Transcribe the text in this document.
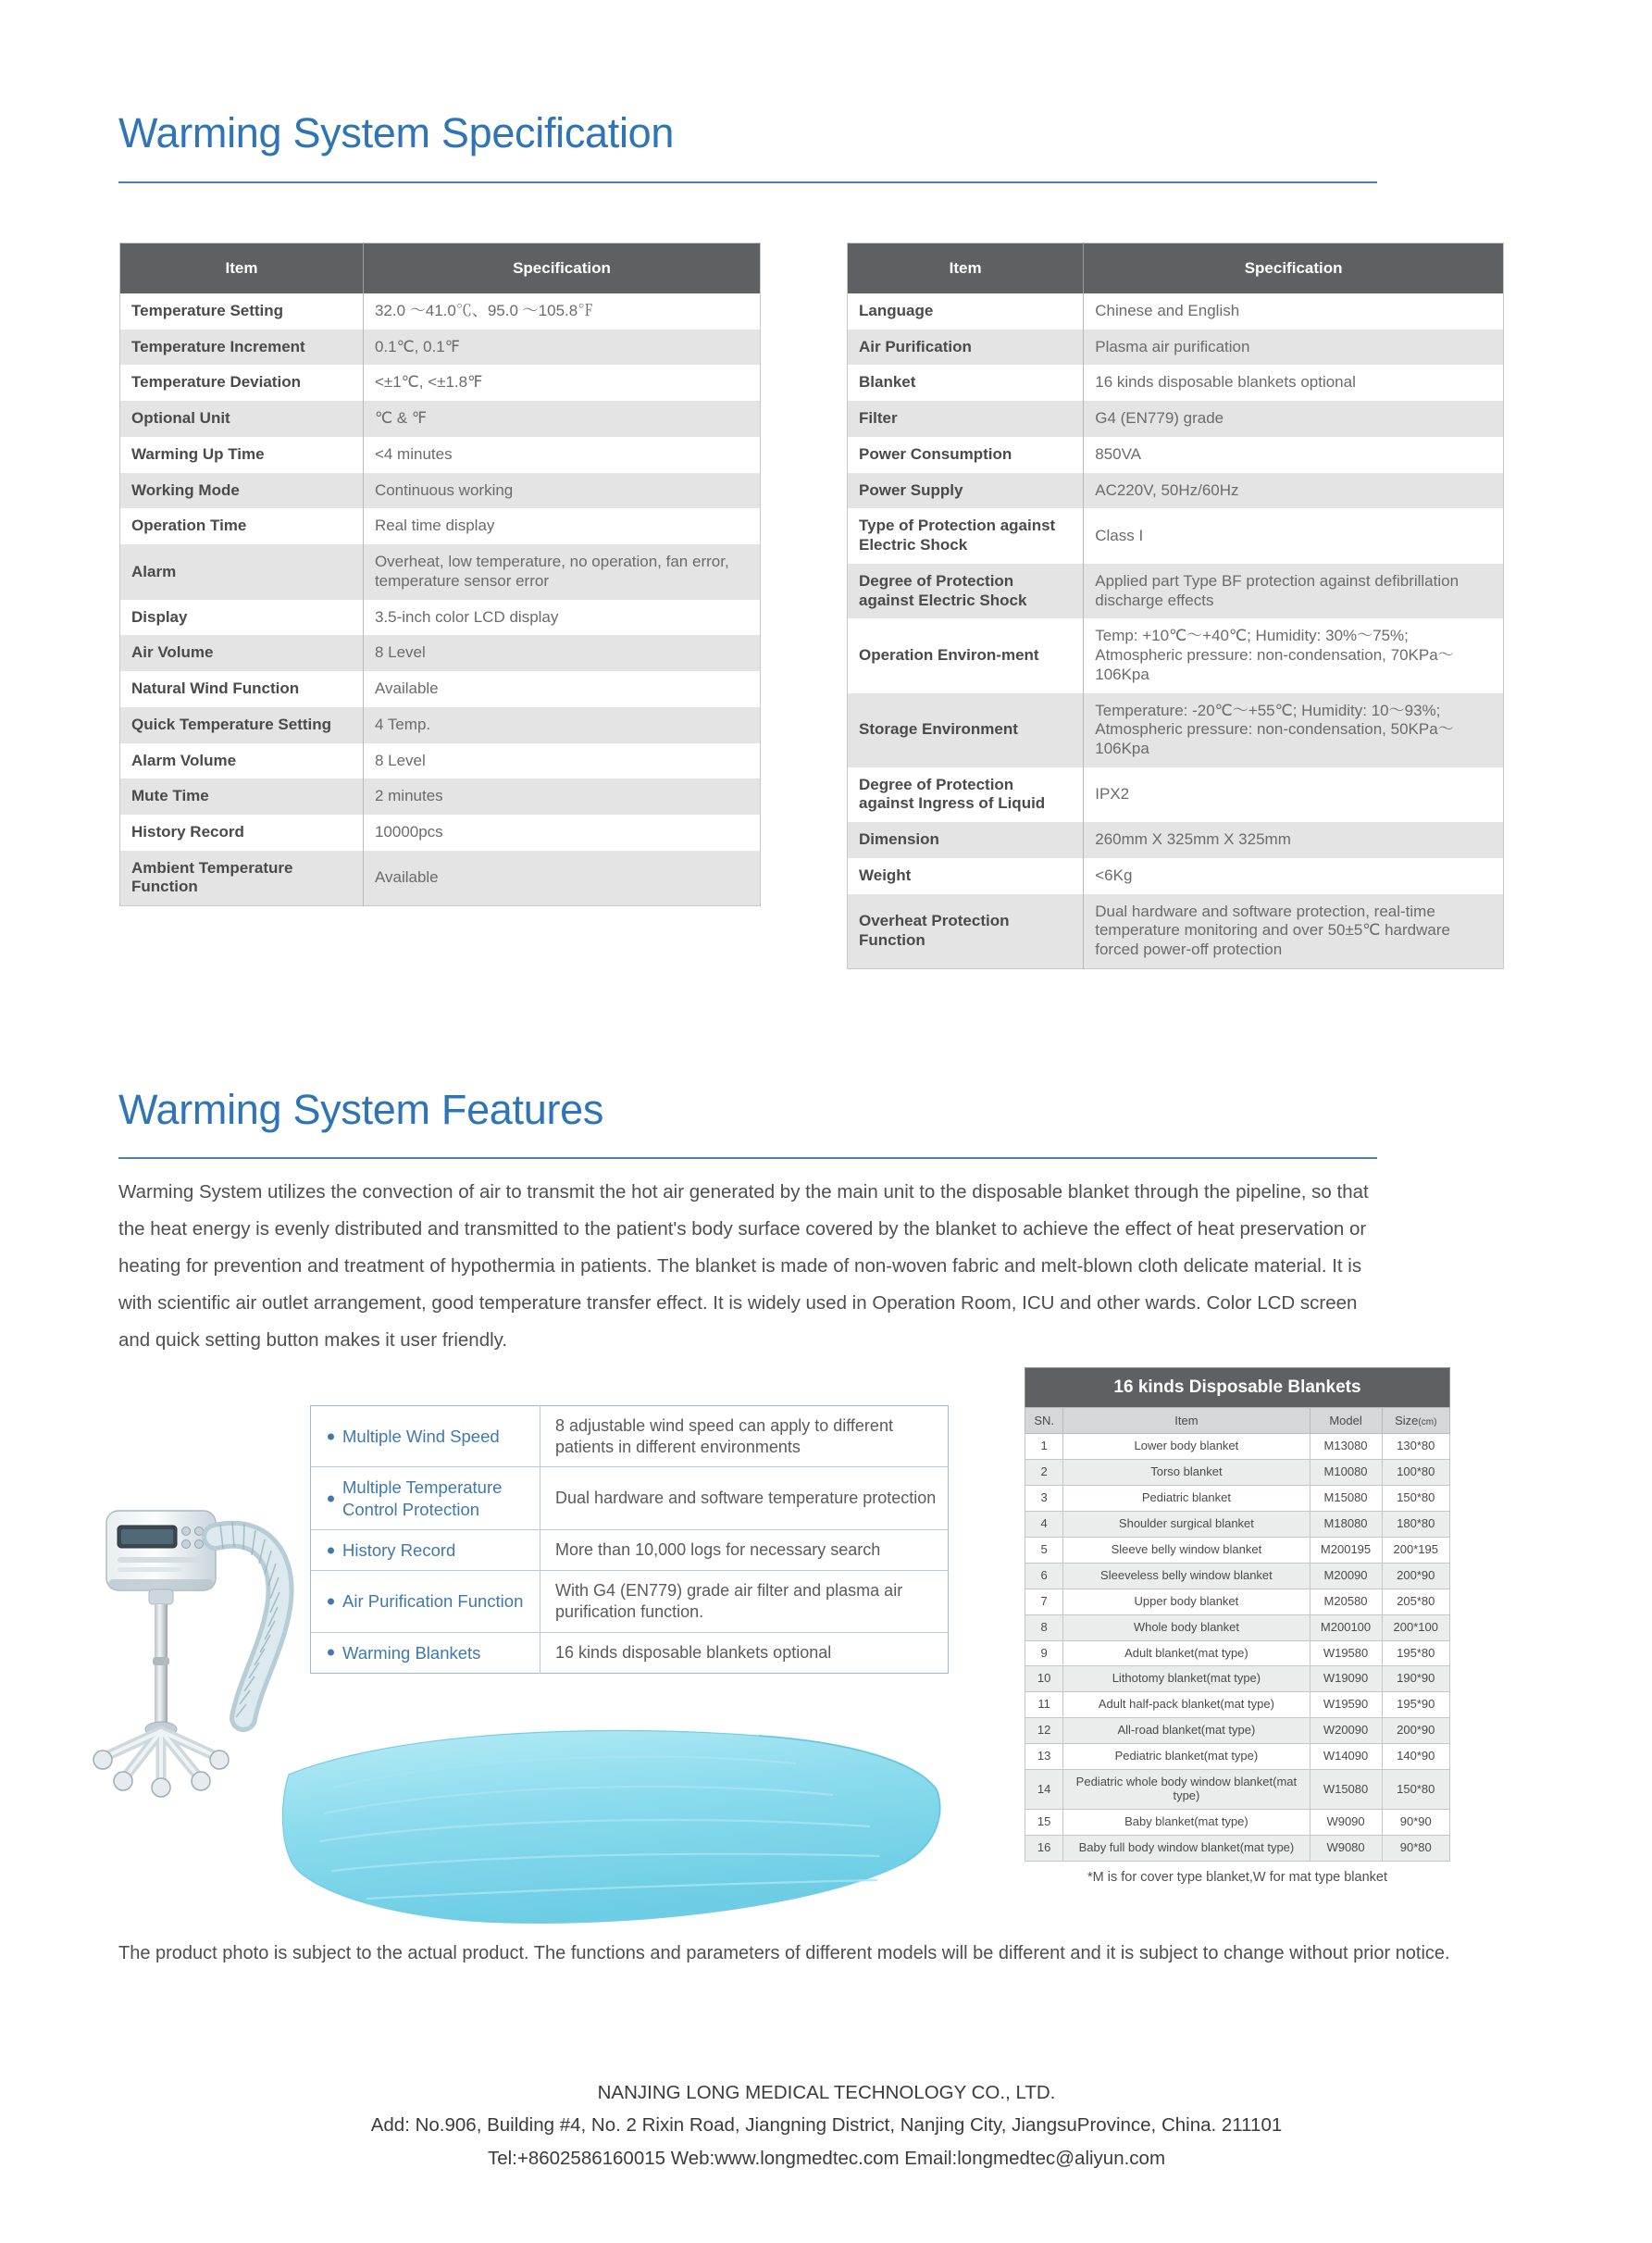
Warming System Specification
Item	Specification
Temperature Setting	32.0 ～41.0℃、95.0 ～105.8℉
Temperature Increment	0.1℃, 0.1℉
Temperature Deviation	<±1℃, <±1.8℉
Optional Unit	℃ & ℉
Warming Up Time	<4 minutes
Working Mode	Continuous working
Operation Time	Real time display
Alarm	Overheat, low temperature, no operation, fan error, temperature sensor error
Display	3.5-inch color LCD display
Air Volume	8 Level
Natural Wind Function	Available
Quick Temperature Setting	4 Temp.
Alarm Volume	8 Level
Mute Time	2 minutes
History Record	10000pcs
Ambient Temperature Function	Available
Item	Specification
Language	Chinese and English
Air Purification	Plasma air purification
Blanket	16 kinds disposable blankets optional
Filter	G4 (EN779) grade
Power Consumption	850VA
Power Supply	AC220V, 50Hz/60Hz
Type of Protection against Electric Shock	Class I
Degree of Protection against Electric Shock	Applied part Type BF protection against defibrillation discharge effects
Operation Environ-ment	Temp: +10℃～+40℃; Humidity: 30%～75%; Atmospheric pressure: non-condensation, 70KPa～106Kpa
Storage Environment	Temperature: -20℃～+55℃; Humidity: 10～93%; Atmospheric pressure: non-condensation, 50KPa～106Kpa
Degree of Protection against Ingress of Liquid	IPX2
Dimension	260mm X 325mm X 325mm
Weight	<6Kg
Overheat Protection Function	Dual hardware and software protection, real-time temperature monitoring and over 50±5℃ hardware forced power-off protection
Warming System Features
Warming System utilizes the convection of air to transmit the hot air generated by the main unit to the disposable blanket through the pipeline, so that the heat energy is evenly distributed and transmitted to the patient's body surface covered by the blanket to achieve the effect of heat preservation or heating for prevention and treatment of hypothermia in patients. The blanket is made of non-woven fabric and melt-blown cloth delicate material. It is with scientific air outlet arrangement, good temperature transfer effect. It is widely used in Operation Room, ICU and other wards. Color LCD screen and quick setting button makes it user friendly.
Multiple Wind Speed	8 adjustable wind speed can apply to different patients in different environments

Multiple Temperature Control Protection	Dual hardware and software temperature protection

History Record	More than 10,000 logs for necessary search

Air Purification Function	With G4 (EN779) grade air filter and plasma air purification function.

Warming Blankets	16 kinds disposable blankets optional
16 kinds Disposable Blankets
SN.	Item	Model	Size(cm)
1	Lower body blanket	M13080	130*80
2	Torso blanket	M10080	100*80
3	Pediatric blanket	M15080	150*80
4	Shoulder surgical blanket	M18080	180*80
5	Sleeve belly window blanket	M200195	200*195
6	Sleeveless belly window blanket	M20090	200*90
7	Upper body blanket	M20580	205*80
8	Whole body blanket	M200100	200*100
9	Adult blanket(mat type)	W19580	195*80
10	Lithotomy blanket(mat type)	W19090	190*90
11	Adult half-pack blanket(mat type)	W19590	195*90
12	All-road blanket(mat type)	W20090	200*90
13	Pediatric blanket(mat type)	W14090	140*90
14	Pediatric whole body window blanket(mat type)	W15080	150*80
15	Baby blanket(mat type)	W9090	90*90
16	Baby full body window blanket(mat type)	W9080	90*80
*M is for cover type blanket,W for mat type blanket
The product photo is subject to the actual product. The functions and parameters of different models will be different and it is subject to change without prior notice.
NANJING LONG MEDICAL TECHNOLOGY CO., LTD.
Add: No.906, Building #4, No. 2 Rixin Road, Jiangning District, Nanjing City, JiangsuProvince, China. 211101
Tel:+8602586160015 Web:www.longmedtec.com Email:longmedtec@aliyun.com
